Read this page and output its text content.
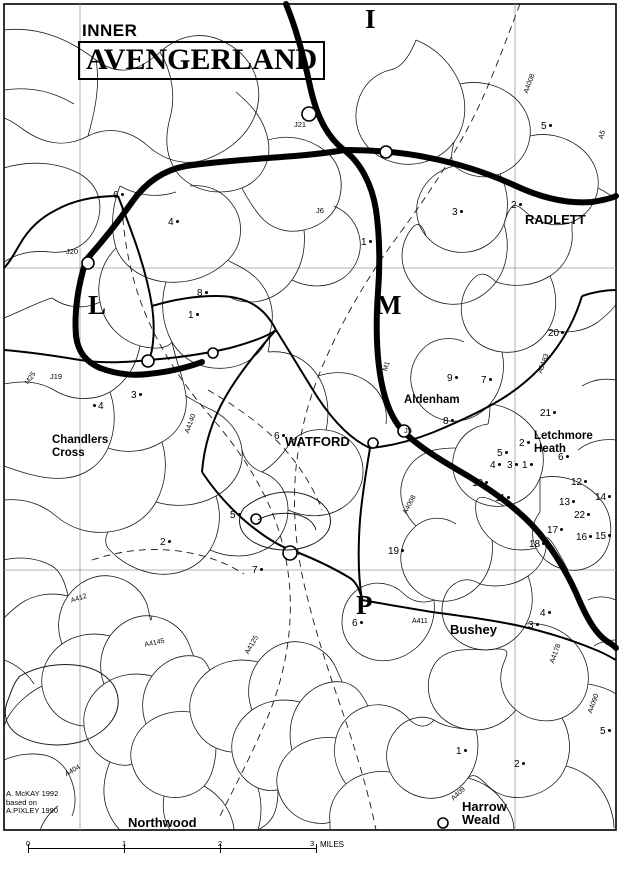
INNER
AVENGERLAND
I
L	M
P
RADLETT
Aldenham
Letchmore Heath
WATFORD
Chandlers Cross
Bushey
Northwood
Harrow Weald
6
5
4
3
2
1
8
1
20
3
4
9	7
21
8
2
6
5	6
4	3 1
12
10
11	13	14
22
17
16 15
18
5
2
19
7
6
4
3
5
1
2
J21
J20
J6
J19
J5
M1
M25
A5
A4008
A5183
A412
A4145	A4125
A411
A4008
A4178
A4140
A409
A4090
A404
A. McKAY 1992
based on
A.PIXLEY 1990
0	1	2	3 MILES
